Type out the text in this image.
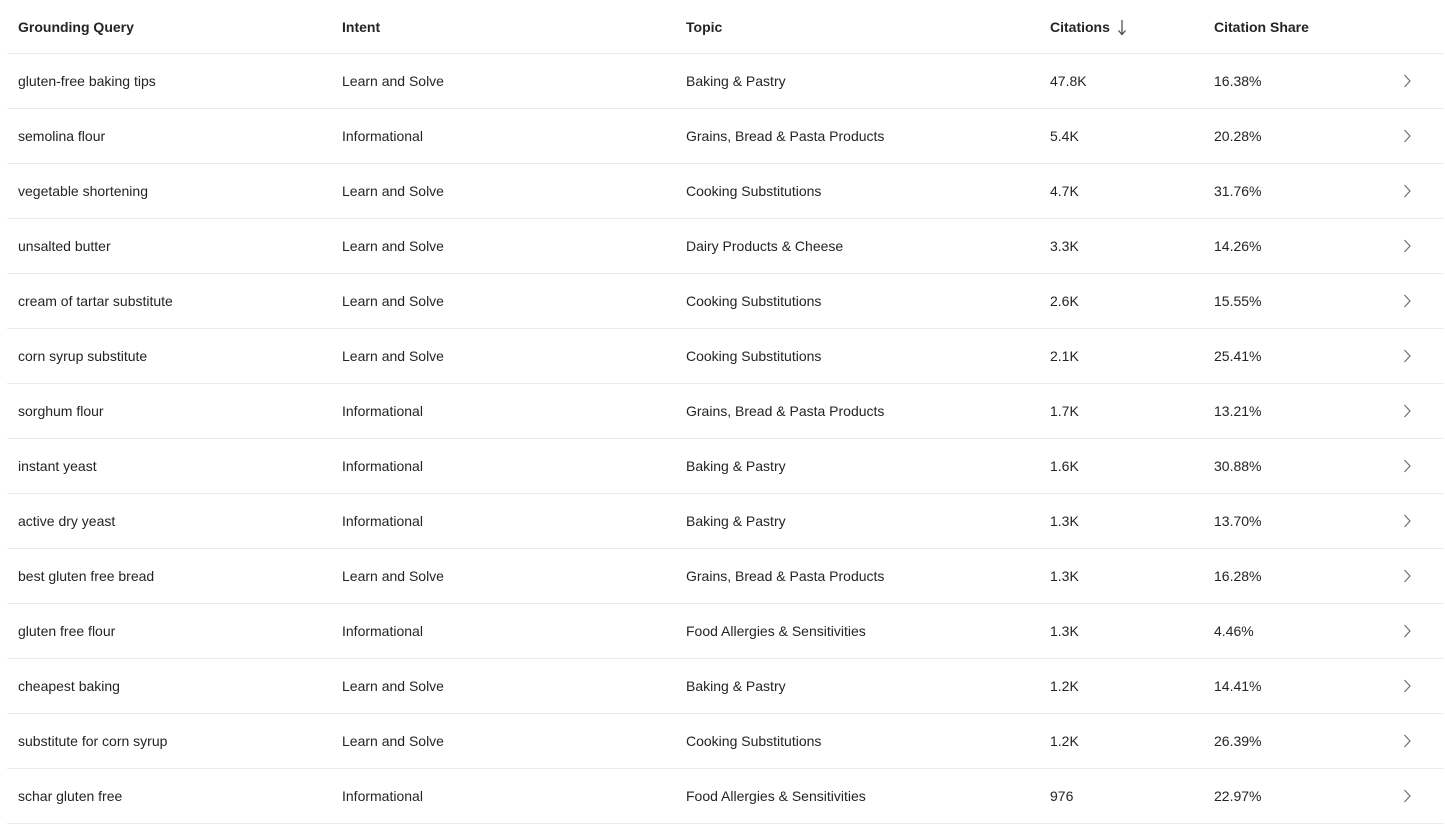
Grounding Query	Intent	Topic	Citations	Citation Share
gluten-free baking tips	Learn and Solve	Baking & Pastry	47.8K	16.38%
semolina flour	Informational	Grains, Bread & Pasta Products	5.4K	20.28%
vegetable shortening	Learn and Solve	Cooking Substitutions	4.7K	31.76%
unsalted butter	Learn and Solve	Dairy Products & Cheese	3.3K	14.26%
cream of tartar substitute	Learn and Solve	Cooking Substitutions	2.6K	15.55%
corn syrup substitute	Learn and Solve	Cooking Substitutions	2.1K	25.41%
sorghum flour	Informational	Grains, Bread & Pasta Products	1.7K	13.21%
instant yeast	Informational	Baking & Pastry	1.6K	30.88%
active dry yeast	Informational	Baking & Pastry	1.3K	13.70%
best gluten free bread	Learn and Solve	Grains, Bread & Pasta Products	1.3K	16.28%
gluten free flour	Informational	Food Allergies & Sensitivities	1.3K	4.46%
cheapest baking	Learn and Solve	Baking & Pastry	1.2K	14.41%
substitute for corn syrup	Learn and Solve	Cooking Substitutions	1.2K	26.39%
schar gluten free	Informational	Food Allergies & Sensitivities	976	22.97%
